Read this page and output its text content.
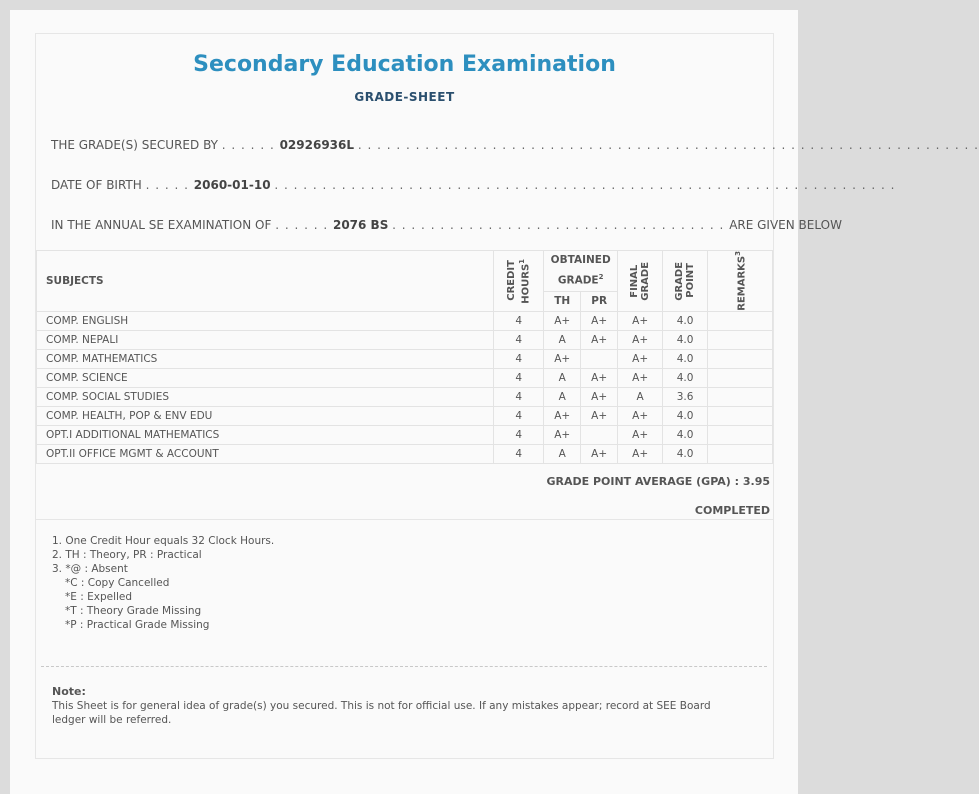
Secondary Education Examination
GRADE-SHEET
THE GRADE(S) SECURED BY . . . . . . 02926936L . . . . . . . . . . . . . . . . . . . . . . . . . . . . . . . . . . . . . . . . . . . . . . . . . . . . . . . . . . . . . . . . .
DATE OF BIRTH . . . . . 2060-01-10 . . . . . . . . . . . . . . . . . . . . . . . . . . . . . . . . . . . . . . . . . . . . . . . . . . . . . . . . . . . . . . . . .
IN THE ANNUAL SE EXAMINATION OF . . . . . . 2076 BS . . . . . . . . . . . . . . . . . . . . . . . . . . . . . . . . . . . ARE GIVEN BELOW
SUBJECTS	CREDIT HOURS$^1$	OBTAINED GRADE$^2$		FINAL GRADE	GRADE POINT	REMARKS$^3$

		TH	PR			
COMP. ENGLISH	4	A+	A+	A+	4.0	
COMP. NEPALI	4	A	A+	A+	4.0	
COMP. MATHEMATICS	4	A+		A+	4.0	
COMP. SCIENCE	4	A	A+	A+	4.0	
COMP. SOCIAL STUDIES	4	A	A+	A	3.6	
COMP. HEALTH, POP & ENV EDU	4	A+	A+	A+	4.0	
OPT.I ADDITIONAL MATHEMATICS	4	A+		A+	4.0	
OPT.II OFFICE MGMT & ACCOUNT	4	A	A+	A+	4.0	
GRADE POINT AVERAGE (GPA) : 3.95
COMPLETED
1. One Credit Hour equals 32 Clock Hours.
2. TH : Theory, PR : Practical
3. *@ : Absent
*C : Copy Cancelled
*E : Expelled
*T : Theory Grade Missing
*P : Practical Grade Missing
Note:
This Sheet is for general idea of grade(s) you secured. This is not for official use. If any mistakes appear; record at SEE Board ledger will be referred.
